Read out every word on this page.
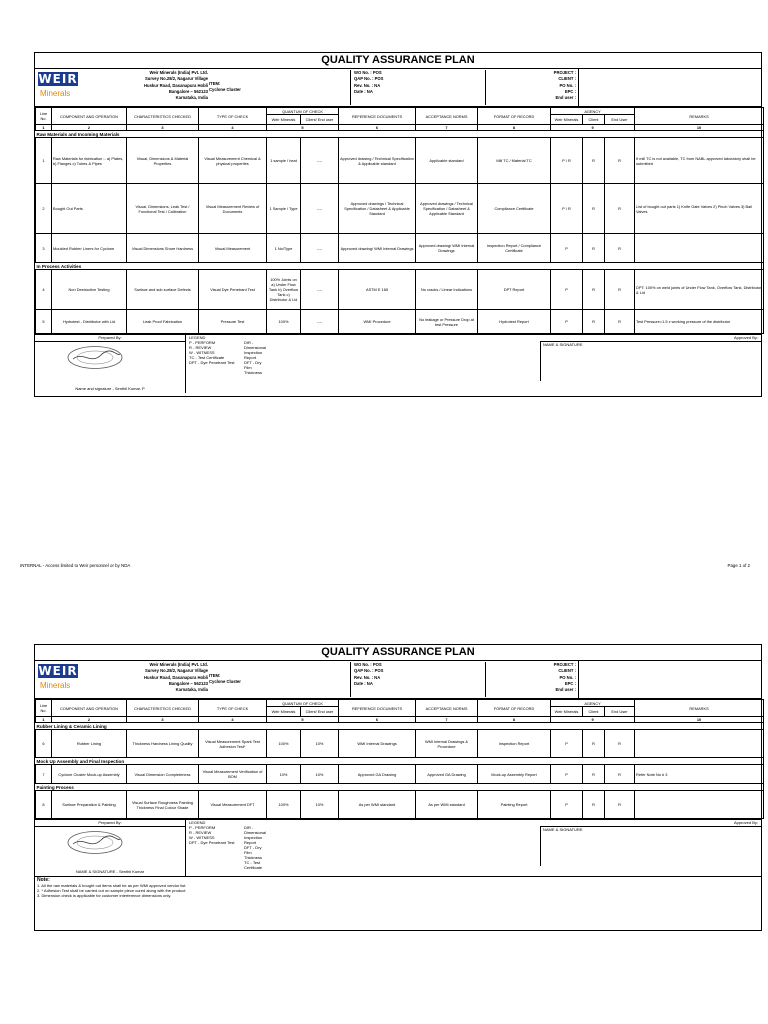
QUALITY ASSURANCE PLAN
WEIR
Minerals
Weir Minerals (India) Pvt. Ltd.
Survey No.28/2, Nagarur Village
Huskur Road, Dasanapura Hobli
Bangalore – 562123
Karnataka, India
ITEM:
Cyclone Cluster
WO No. : POS
QAP No. : POS
Rev. No. : NA
Date : NA
PROJECT :
CLIENT :
PO No. :
EPC :
End user :
Line No.	COMPONENT AND OPERATION	CHARACTERISTICS CHECKED	TYPE OF CHECK	QUANTUM OF CHECK		REFERENCE DOCUMENTS	ACCEPTANCE NORMS	FORMAT OF RECORD	AGENCY			REMARKS
				Weir Minerals	Client/ End user				Weir Minerals	Client	End User	
1	2	3	4	5		6	7	8	9			10
Raw Materials and Incoming Materials												
1	Raw Materials for fabrication :- a) Plates, b) Flanges c) Tubes & Pipes	Visual, Dimensions & Material Properties	Visual Measurement Chemical & physical properties	1 sample / heat	----	Approved drawing / Technical Specification & Applicable standard	Applicable standard	Mill TC / Material TC	P / R	R	R	If mill TC is not available, TC from NABL approved laboratory shall be submitted
2	Bought Out Parts	Visual, Dimensions, Leak Test / Functional Test / Calibration	Visual Measurement Review of Documents	1 Sample / Type	----	Approved drawings / Technical Specification / Datasheet & Applicable Standard	Approved drawings / Technical Specification / Datasheet & Applicable Standard	Compliance Certificate	P / R	R	R	List of bought out parts 1) Knife Gate Valves 2) Pinch Valves 3) Ball Valves
3	Moulded Rubber Liners for Cyclone	Visual Dimensions Shore Hardness	Visual Measurement	1 No/Type	----	Approved drawing/ WMI Internal Drawings	Approved drawing/ WMI Internal Drawings	Inspection Report / Compliance Certificate	P	R	R	
In Process Activities												
4	Non Destructive Testing	Surface and sub surface Defects	Visual Dye Penetrant Test	100% Joints on a) Under Flow Tank b) Overflow Tank c) Distributor & Lid	----	ASTM E 165	No cracks / Linear Indications	DPT Report	P	R	R	DPT: 100% on weld joints of Under Flow Tank, Overflow Tank, Distributor & Lid
5	Hydrotest - Distributor with Lid	Leak Proof Fabrication	Pressure Test	100%	----	WMI Procedure	No leakage or Pressure Drop at test Pressure	Hydrotest Report	P	R	R	Test Pressure=1.5 x working pressure of the distributor
Prepared By:
Name and signature - Senthil Kumar. P
LEGEND
P - PERFORM
R - REVIEW
W - WITNESS
TC - Test Certificate
DPT - Dye Penetrant Test
DIR - Dimensional Inspection Report
DFT - Dry Film Thickness
Approved By:
NAME & SIGNATURE
INTERNAL - Access limited to Weir personnel or by NDA	Page 1 of 2
QUALITY ASSURANCE PLAN
WEIR
Minerals
Weir Minerals (India) Pvt. Ltd.
Survey No.28/2, Nagarur Village
Huskur Road, Dasanapura Hobli
Bangalore – 562123
Karnataka, India
ITEM:
Cyclone Cluster
WO No. : POS
QAP No. : POS
Rev. No. : NA
Date : NA
PROJECT :
CLIENT :
PO No. :
EPC :
End user :
Line No.	COMPONENT AND OPERATION	CHARACTERISTICS CHECKED	TYPE OF CHECK	QUANTUM OF CHECK		REFERENCE DOCUMENTS	ACCEPTANCE NORMS	FORMAT OF RECORD	AGENCY			REMARKS
				Weir Minerals	Client/ End user				Weir Minerals	Client	End User	
1	2	3	4	5		6	7	8	9			10
Rubber Lining & Ceramic Lining												
6	Rubber Lining	Thickness Hardness Lining Quality	Visual Measurement Spark Test Adhesion Test*	100%	10%	WMI Internal Drawings	WMI Internal Drawings & Procedure	Inspection Report	P	R	R	
Mock Up Assembly and Final Inspection												
7	Cyclone Cluster Mock-up Assembly	Visual Dimension Completeness	Visual Measurement Verification of BOM	10%	10%	Approved GA Drawing	Approved GA Drawing	Mock-up Assembly Report	P	R	R	Refer Note No # 3
Painting Process												
8	Surface Preparation & Painting	Visual Surface Roughness Painting Thickness Final Colour Shade	Visual Measurement DFT	100%	10%	As per WMI standard	As per WMI standard	Painting Report	P	R	R	
Prepared By:
NAME & SIGNATURE - Senthil Kumar
LEGEND
P - PERFORM
R - REVIEW
W - WITNESS
DPT - Dye Penetrant Test
DIR - Dimensional Inspection Report
DFT - Dry Film Thickness
TC - Test Certificate
Approved By:
NAME & SIGNATURE
Note:
1. All the raw materials & bought out items shall be as per WMI approved vendor list.
2. * Adhesion Test shall be carried out on sample piece cured along with the product
3. Dimension check is applicable for customer interference dimensions only.
